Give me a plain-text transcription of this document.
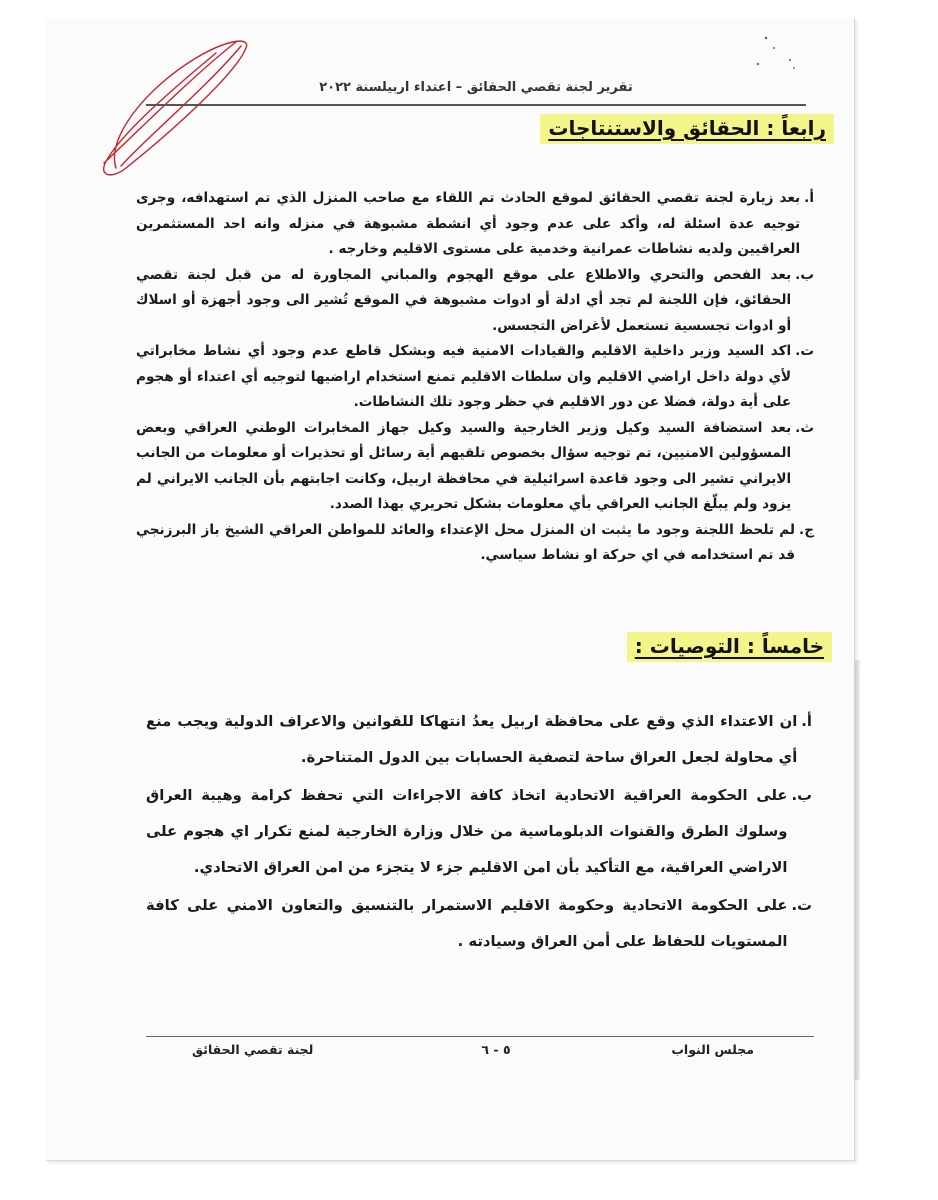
تقرير لجنة تقصي الحقائق – اعتداء اربيلسنة ٢٠٢٢
رابعاً : الحقائق والاستنتاجات
أ.
بعد زيارة لجنة تقصي الحقائق لموقع الحادث تم اللقاء مع صاحب المنزل الذي تم استهدافه، وجرى توجيه عدة اسئلة له، وأكد على عدم وجود أي انشطة مشبوهة في منزله وانه احد المستثمرين العراقيين ولديه نشاطات عمرانية وخدمية على مستوى الاقليم وخارجه .
ب.
بعد الفحص والتحري والاطلاع على موقع الهجوم والمباني المجاورة له من قبل لجنة تقصي الحقائق، فإن اللجنة لم تجد أي ادلة أو ادوات مشبوهة في الموقع تُشير الى وجود أجهزة أو اسلاك أو ادوات تجسسية تستعمل لأغراض التجسس.
ت.
اكد السيد وزير داخلية الاقليم والقيادات الامنية فيه وبشكل قاطع عدم وجود أي نشاط مخابراتي لأي دولة داخل اراضي الاقليم وان سلطات الاقليم تمنع استخدام اراضيها لتوجيه أي اعتداء أو هجوم على أية دولة، فضلا عن دور الاقليم في حظر وجود تلك النشاطات.
ث.
بعد استضافة السيد وكيل وزير الخارجية والسيد وكيل جهاز المخابرات الوطني العراقي وبعض المسؤولين الامنيين، تم توجيه سؤال بخصوص تلقيهم أية رسائل أو تحذيرات أو معلومات من الجانب الايراني تشير الى وجود قاعدة اسرائيلية في محافظة اربيل، وكانت اجابتهم بأن الجانب الايراني لم يزود ولم يبلّغ الجانب العراقي بأي معلومات بشكل تحريري بهذا الصدد.
ج.
لم تلحظ اللجنة وجود ما يثبت ان المنزل محل الإعتداء والعائد للمواطن العراقي الشيخ باز البرزنجي قد تم استخدامه في اي حركة او نشاط سياسي.
خامساً : التوصيات :
أ.
ان الاعتداء الذي وقع على محافظة اربيل يعدُ انتهاكا للقوانين والاعراف الدولية ويجب منع أي محاولة لجعل العراق ساحة لتصفية الحسابات بين الدول المتناحرة.
ب.
على الحكومة العراقية الاتحادية اتخاذ كافة الاجراءات التي تحفظ كرامة وهيبة العراق وسلوك الطرق والقنوات الدبلوماسية من خلال وزارة الخارجية لمنع تكرار اي هجوم على الاراضي العراقية، مع التأكيد بأن امن الاقليم جزء لا يتجزء من امن العراق الاتحادي.
ت.
على الحكومة الاتحادية وحكومة الاقليم الاستمرار بالتنسيق والتعاون الامني على كافة المستويات للحفاظ على أمن العراق وسيادته .
مجلس النواب
٥ - ٦
لجنة تقصي الحقائق
